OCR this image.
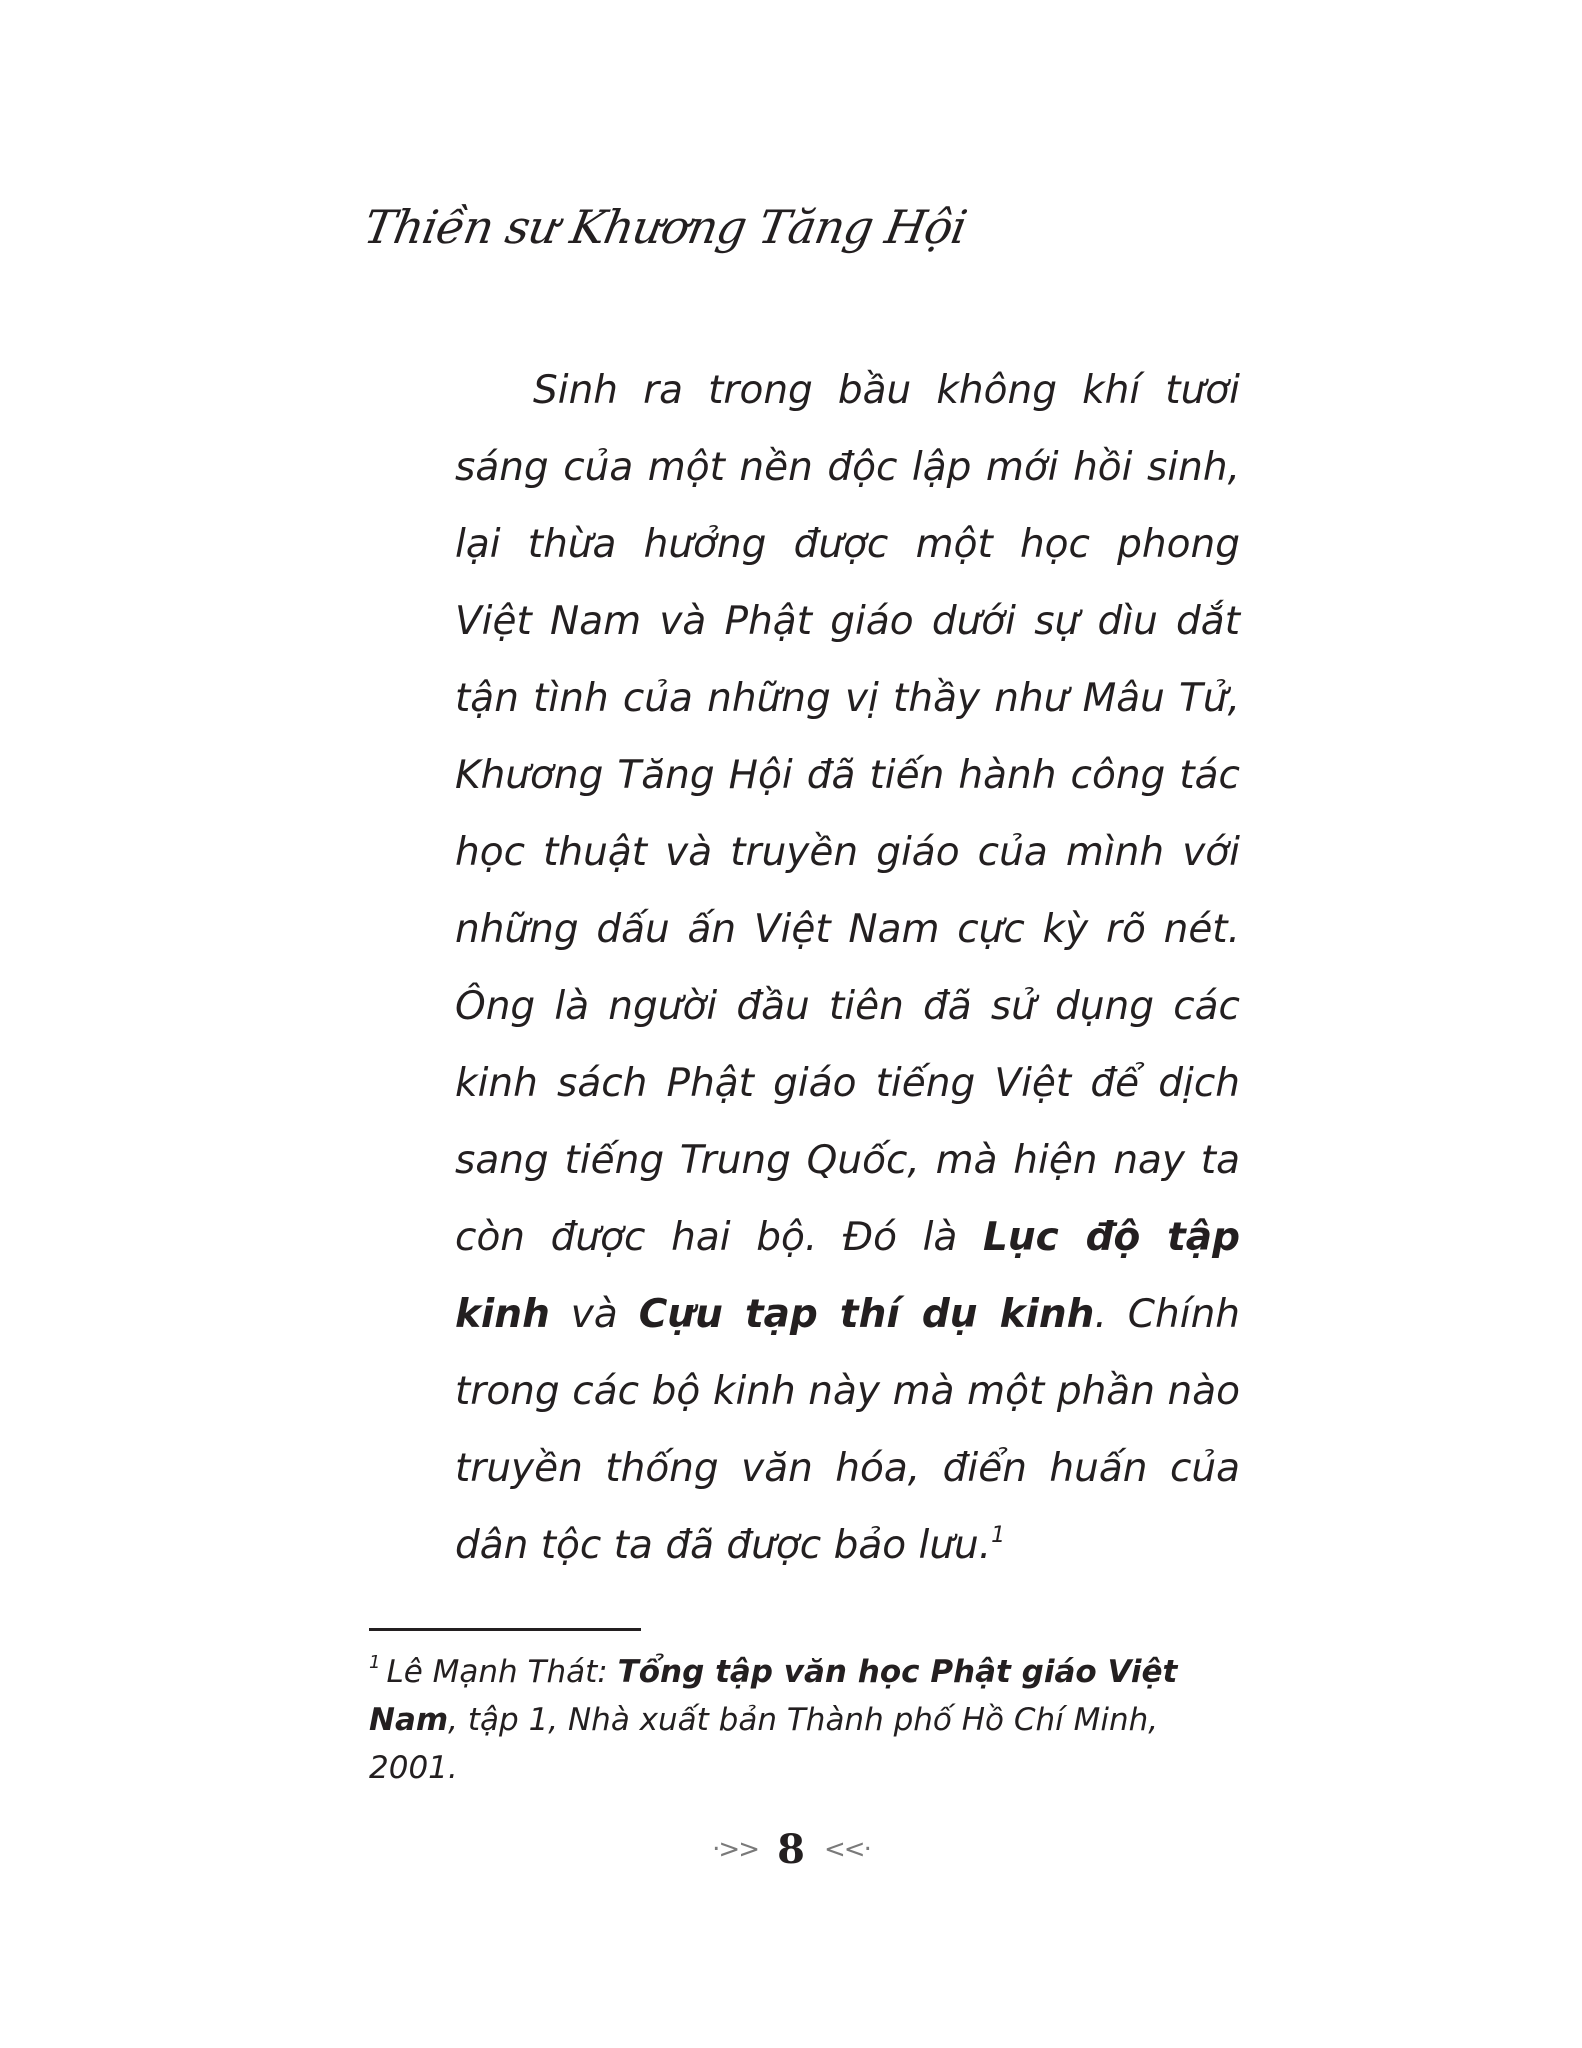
Thiền sư Khương Tăng Hội
Sinh ra trong bầu không khí tươi sáng của một nền độc lập mới hồi sinh, lại thừa hưởng được một học phong Việt Nam và Phật giáo dưới sự dìu dắt tận tình của những vị thầy như Mâu Tử, Khương Tăng Hội đã tiến hành công tác học thuật và truyền giáo của mình với những dấu ấn Việt Nam cực kỳ rõ nét. Ông là người đầu tiên đã sử dụng các kinh sách Phật giáo tiếng Việt để dịch sang tiếng Trung Quốc, mà hiện nay ta còn được hai bộ. Đó là Lục độ tập kinh và Cựu tạp thí dụ kinh. Chính trong các bộ kinh này mà một phần nào truyền thống văn hóa, điển huấn của dân tộc ta đã được bảo lưu.$^1$
$^1$ Lê Mạnh Thát: Tổng tập văn học Phật giáo Việt Nam, tập 1, Nhà xuất bản Thành phố Hồ Chí Minh, 2001.
·>> 8 <<·
